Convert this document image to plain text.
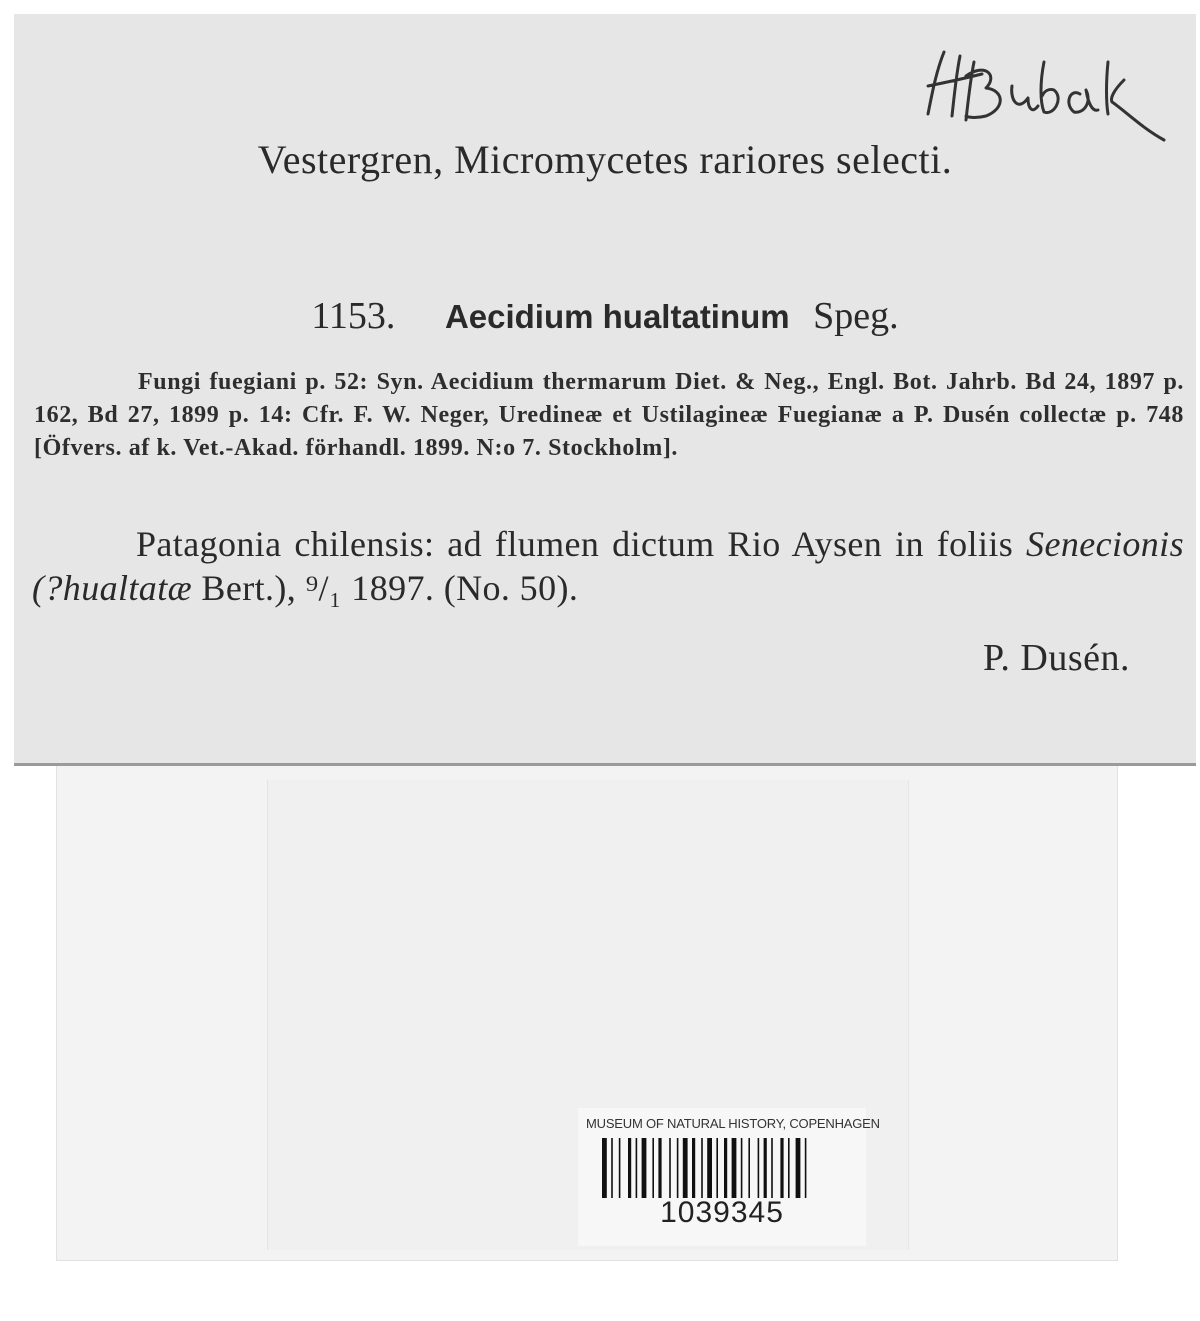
Vestergren, Micromycetes rariores selecti.
1153. Aecidium hualtatinum Speg.
Fungi fuegiani p. 52: Syn. Aecidium thermarum Diet. & Neg., Engl. Bot. Jahrb. Bd 24, 1897 p. 162, Bd 27, 1899 p. 14: Cfr. F. W. Neger, Uredineæ et Ustilagineæ Fuegianæ a P. Dusén collectæ p. 748 [Öfvers. af k. Vet.-Akad. förhandl. 1899. N:o 7. Stockholm].
Patagonia chilensis: ad flumen dictum Rio Aysen in foliis Senecionis (?hualtatæ Bert.), ⁹/₁ 1897. (No. 50).
P. Dusén.
MUSEUM OF NATURAL HISTORY, COPENHAGEN
1039345
